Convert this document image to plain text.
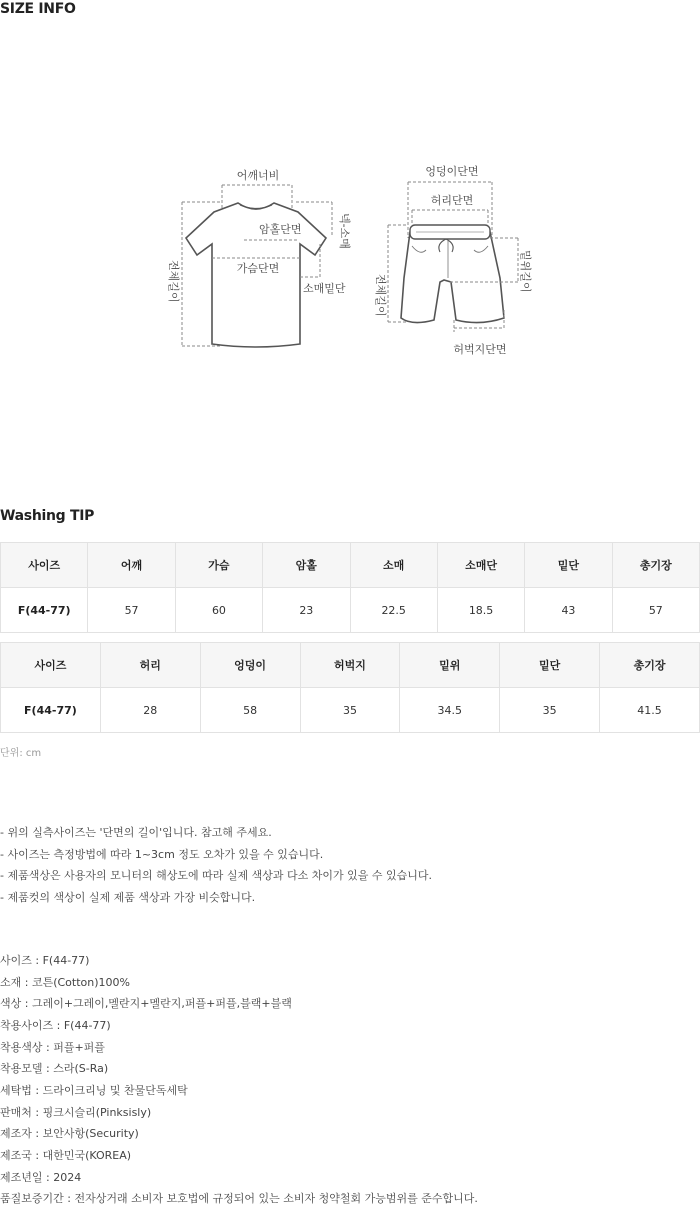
SIZE INFO
어깨너비
암홀단면
가슴단면
넥-소매
소매밑단
전체길이
엉덩이단면
허리단면
밑위길이
전체길이
허벅지단면
Washing TIP
사이즈	어깨	가슴	암홀	소매	소매단	밑단	총기장
F(44-77)	57	60	23	22.5	18.5	43	57
사이즈	허리	엉덩이	허벅지	밑위	밑단	총기장
F(44-77)	28	58	35	34.5	35	41.5
단위: cm
- 위의 실측사이즈는 '단면의 길이'입니다. 참고해 주세요.
- 사이즈는 측정방법에 따라 1~3cm 정도 오차가 있을 수 있습니다.
- 제품색상은 사용자의 모니터의 해상도에 따라 실제 색상과 다소 차이가 있을 수 있습니다.
- 제품컷의 색상이 실제 제품 색상과 가장 비슷합니다.
사이즈 : F(44-77)
소재 : 코튼(Cotton)100%
색상 : 그레이+그레이,멜란지+멜란지,퍼플+퍼플,블랙+블랙
착용사이즈 : F(44-77)
착용색상 : 퍼플+퍼플
착용모델 : 스라(S-Ra)
세탁법 : 드라이크리닝 및 찬물단독세탁
판매처 : 핑크시슬리(Pinksisly)
제조자 : 보안사항(Security)
제조국 : 대한민국(KOREA)
제조년일 : 2024
품질보증기간 : 전자상거래 소비자 보호법에 규정되어 있는 소비자 청약철회 가능범위를 준수합니다.
